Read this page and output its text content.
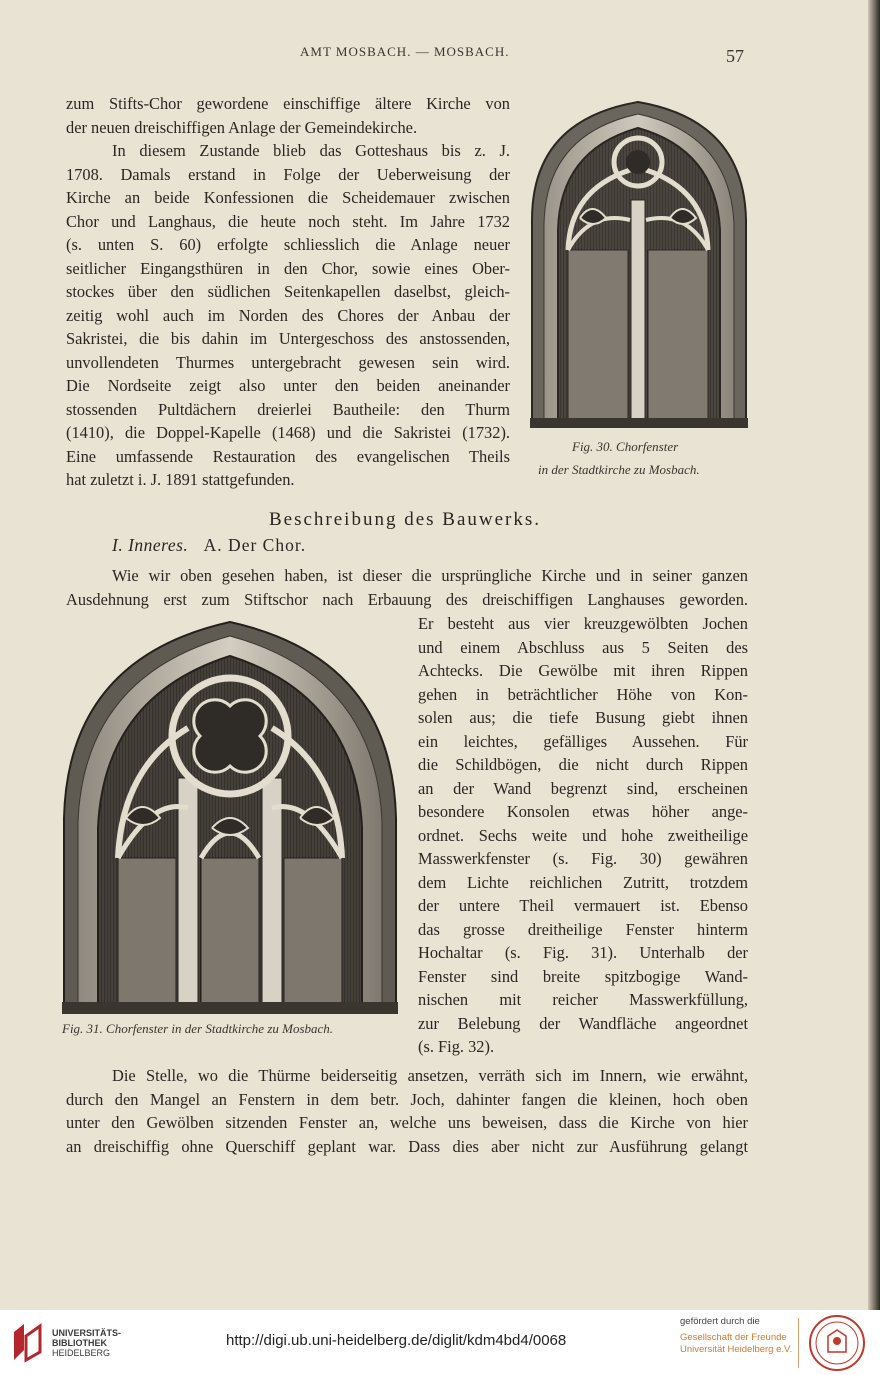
AMT MOSBACH. — MOSBACH.	57
zum Stifts-Chor gewordene einschiffige ältere Kirche von
der neuen dreischiffigen Anlage der Gemeindekirche.
In diesem Zustande blieb das Gotteshaus bis z. J.
1708. Damals erstand in Folge der Ueberweisung der
Kirche an beide Konfessionen die Scheidemauer zwischen
Chor und Langhaus, die heute noch steht. Im Jahre 1732
(s. unten S. 60) erfolgte schliesslich die Anlage neuer
seitlicher Eingangsthüren in den Chor, sowie eines Ober-
stockes über den südlichen Seitenkapellen daselbst, gleich-
zeitig wohl auch im Norden des Chores der Anbau der
Sakristei, die bis dahin im Untergeschoss des anstossenden,
unvollendeten Thurmes untergebracht gewesen sein wird.
Die Nordseite zeigt also unter den beiden aneinander
stossenden Pultdächern dreierlei Bautheile: den Thurm
(1410), die Doppel-Kapelle (1468) und die Sakristei (1732).
Eine umfassende Restauration des evangelischen Theils
hat zuletzt i. J. 1891 stattgefunden.
Fig. 30. Chorfenster
in der Stadtkirche zu Mosbach.
Beschreibung des Bauwerks.
I. Inneres. A. Der Chor.
Wie wir oben gesehen haben, ist dieser die ursprüngliche Kirche und in seiner ganzen
Ausdehnung erst zum Stiftschor nach Erbauung des dreischiffigen Langhauses geworden.
Fig. 31. Chorfenster in der Stadtkirche zu Mosbach.
Er besteht aus vier kreuzgewölbten Jochen
und einem Abschluss aus 5 Seiten des
Achtecks. Die Gewölbe mit ihren Rippen
gehen in beträchtlicher Höhe von Kon-
solen aus; die tiefe Busung giebt ihnen
ein leichtes, gefälliges Aussehen. Für
die Schildbögen, die nicht durch Rippen
an der Wand begrenzt sind, erscheinen
besondere Konsolen etwas höher ange-
ordnet. Sechs weite und hohe zweitheilige
Masswerkfenster (s. Fig. 30) gewähren
dem Lichte reichlichen Zutritt, trotzdem
der untere Theil vermauert ist. Ebenso
das grosse dreitheilige Fenster hinterm
Hochaltar (s. Fig. 31). Unterhalb der
Fenster sind breite spitzbogige Wand-
nischen mit reicher Masswerkfüllung,
zur Belebung der Wandfläche angeordnet
(s. Fig. 32).
Die Stelle, wo die Thürme beiderseitig ansetzen, verräth sich im Innern, wie erwähnt,
durch den Mangel an Fenstern in dem betr. Joch, dahinter fangen die kleinen, hoch oben
unter den Gewölben sitzenden Fenster an, welche uns beweisen, dass die Kirche von hier
an dreischiffig ohne Querschiff geplant war. Dass dies aber nicht zur Ausführung gelangt
UNIVERSITÄTS-
BIBLIOTHEK
HEIDELBERG
http://digi.ub.uni-heidelberg.de/diglit/kdm4bd4/0068
gefördert durch die
Gesellschaft der Freunde
Universität Heidelberg e.V.
